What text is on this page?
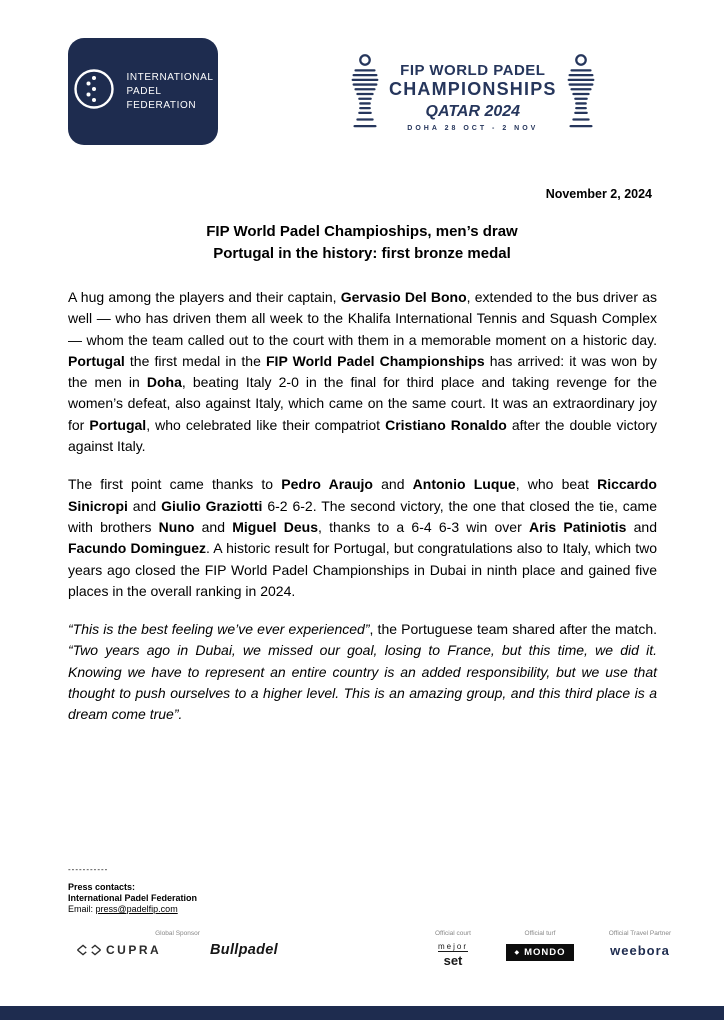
INTERNATIONAL
PADEL
FEDERATION
FIP WORLD PADEL
CHAMPIONSHIPS
QATAR 2024
DOHA 28 OCT - 2 NOV
November 2, 2024
FIP World Padel Champioships, men’s draw
Portugal in the history: first bronze medal

A hug among the players and their captain, Gervasio Del Bono, extended to the bus driver as well — who has driven them all week to the Khalifa International Tennis and Squash Complex — whom the team called out to the court with them in a memorable moment on a historic day. Portugal the first medal in the FIP World Padel Championships has arrived: it was won by the men in Doha, beating Italy 2-0 in the final for third place and taking revenge for the women’s defeat, also against Italy, which came on the same court. It was an extraordinary joy for Portugal, who celebrated like their compatriot Cristiano Ronaldo after the double victory against Italy.

The first point came thanks to Pedro Araujo and Antonio Luque, who beat Riccardo Sinicropi and Giulio Graziotti 6-2 6-2. The second victory, the one that closed the tie, came with brothers Nuno and Miguel Deus, thanks to a 6-4 6-3 win over Aris Patiniotis and Facundo Dominguez. A historic result for Portugal, but congratulations also to Italy, which two years ago closed the FIP World Padel Championships in Dubai in ninth place and gained five places in the overall ranking in 2024.

“This is the best feeling we’ve ever experienced”, the Portuguese team shared after the match. “Two years ago in Dubai, we missed our goal, losing to France, but this time, we did it. Knowing we have to represent an entire country is an added responsibility, but we use that thought to push ourselves to a higher level. This is an amazing group, and this third place is a dream come true”.

-----------
Press contacts:
International Padel Federation
Email: press@padelfip.com
Global Sponsor
CUPRA	Bullpadel
Official court
mejor
set
Official turf
◆ MONDO
Official Travel Partner
weebora
